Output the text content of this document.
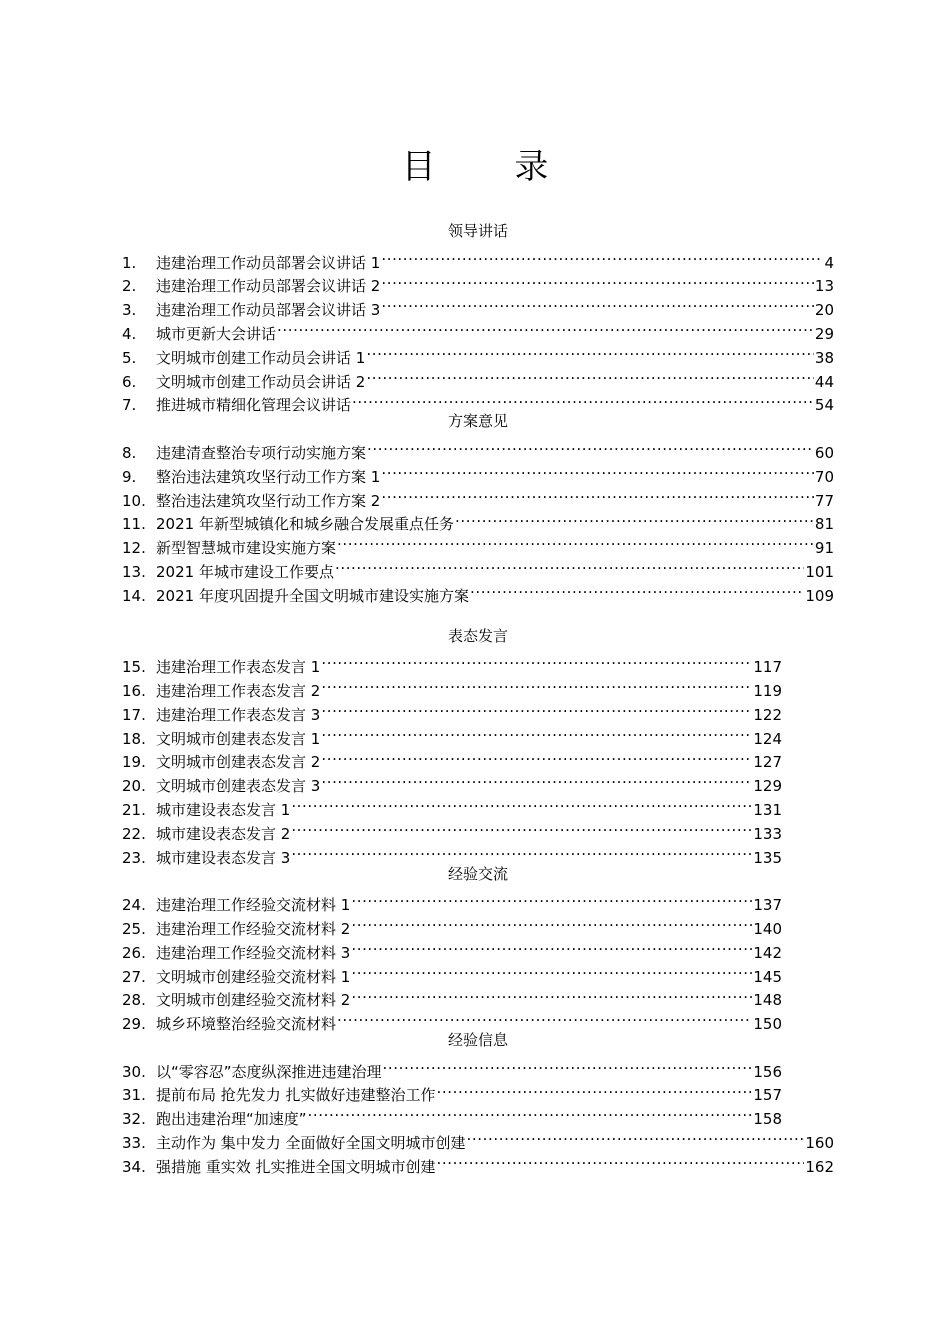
目 录
领导讲话
1.	违建治理工作动员部署会议讲话 1 .....	4
2.	违建治理工作动员部署会议讲话 2 .....	13
3.	违建治理工作动员部署会议讲话 3 .....	20
4.	城市更新大会讲话 .....	29
5.	文明城市创建工作动员会讲话 1 .....	38
6.	文明城市创建工作动员会讲话 2 .....	44
7.	推进城市精细化管理会议讲话 .....	54
方案意见
8.	违建清查整治专项行动实施方案 .....	60
9.	整治违法建筑攻坚行动工作方案 1 .....	70
10. 整治违法建筑攻坚行动工作方案 2 .....	77
11. 2021 年新型城镇化和城乡融合发展重点任务 .....	81
12. 新型智慧城市建设实施方案 .....	91
13. 2021 年城市建设工作要点 .....	101
14. 2021 年度巩固提升全国文明城市建设实施方案 .....	109
表态发言
15. 违建治理工作表态发言 1 .....	117
16. 违建治理工作表态发言 2 .....	119
17. 违建治理工作表态发言 3 .....	122
18. 文明城市创建表态发言 1 .....	124
19. 文明城市创建表态发言 2 .....	127
20. 文明城市创建表态发言 3 .....	129
21. 城市建设表态发言 1 .....	131
22. 城市建设表态发言 2 .....	133
23. 城市建设表态发言 3 .....	135
经验交流
24. 违建治理工作经验交流材料 1 .....	137
25. 违建治理工作经验交流材料 2 .....	140
26. 违建治理工作经验交流材料 3 .....	142
27. 文明城市创建经验交流材料 1 .....	145
28. 文明城市创建经验交流材料 2 .....	148
29. 城乡环境整治经验交流材料 .....	150
经验信息
30. 以“零容忍”态度纵深推进违建治理 .....	156
31. 提前布局 抢先发力 扎实做好违建整治工作 .....	157
32. 跑出违建治理“加速度” .....	158
33. 主动作为 集中发力 全面做好全国文明城市创建 .....	160
34. 强措施 重实效 扎实推进全国文明城市创建 .....	162
